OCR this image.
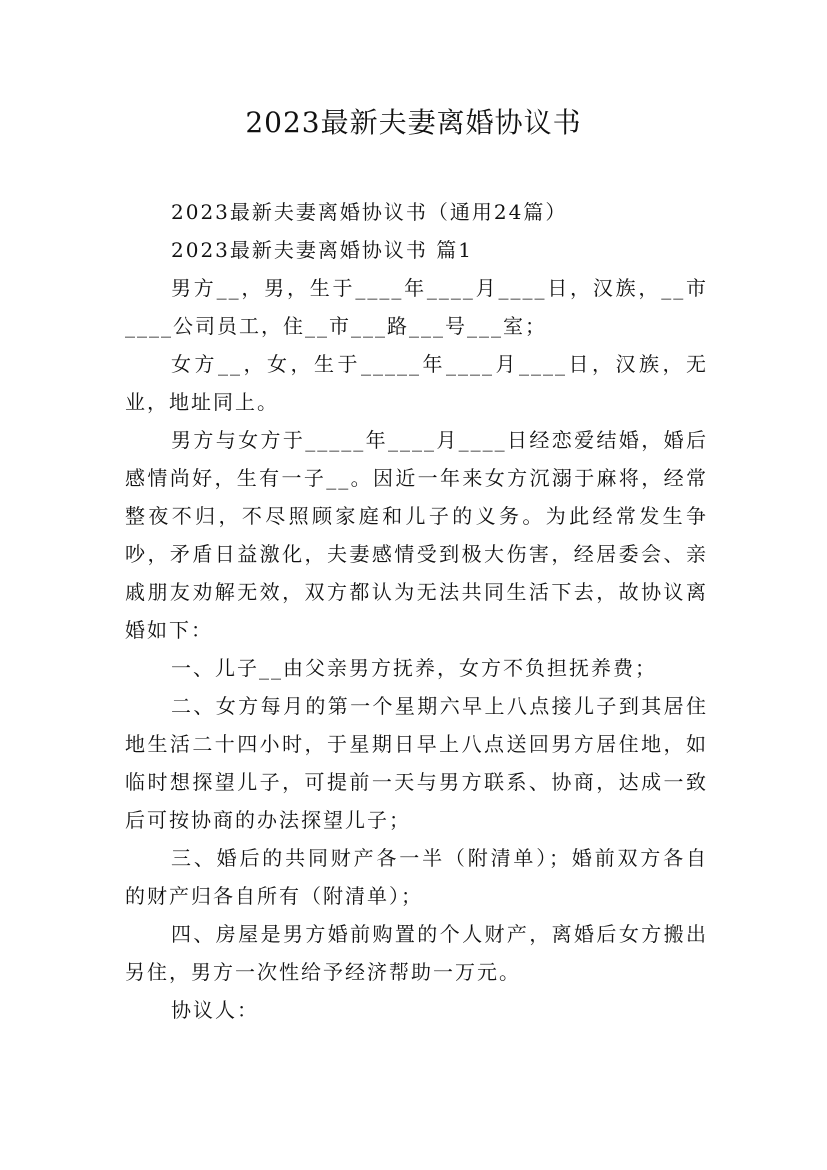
2023最新夫妻离婚协议书

2023最新夫妻离婚协议书（通用24篇）

2023最新夫妻离婚协议书 篇1

男方__，男，生于____年____月____日，汉族，__市____公司员工，住__市___路___号___室；

女方__，女，生于_____年____月____日，汉族，无业，地址同上。

男方与女方于_____年____月____日经恋爱结婚，婚后感情尚好，生有一子__。因近一年来女方沉溺于麻将，经常整夜不归，不尽照顾家庭和儿子的义务。为此经常发生争吵，矛盾日益激化，夫妻感情受到极大伤害，经居委会、亲戚朋友劝解无效，双方都认为无法共同生活下去，故协议离婚如下：

一、儿子__由父亲男方抚养，女方不负担抚养费；

二、女方每月的第一个星期六早上八点接儿子到其居住地生活二十四小时，于星期日早上八点送回男方居住地，如临时想探望儿子，可提前一天与男方联系、协商，达成一致后可按协商的办法探望儿子；

三、婚后的共同财产各一半（附清单）；婚前双方各自的财产归各自所有（附清单）；

四、房屋是男方婚前购置的个人财产，离婚后女方搬出另住，男方一次性给予经济帮助一万元。

协议人：
